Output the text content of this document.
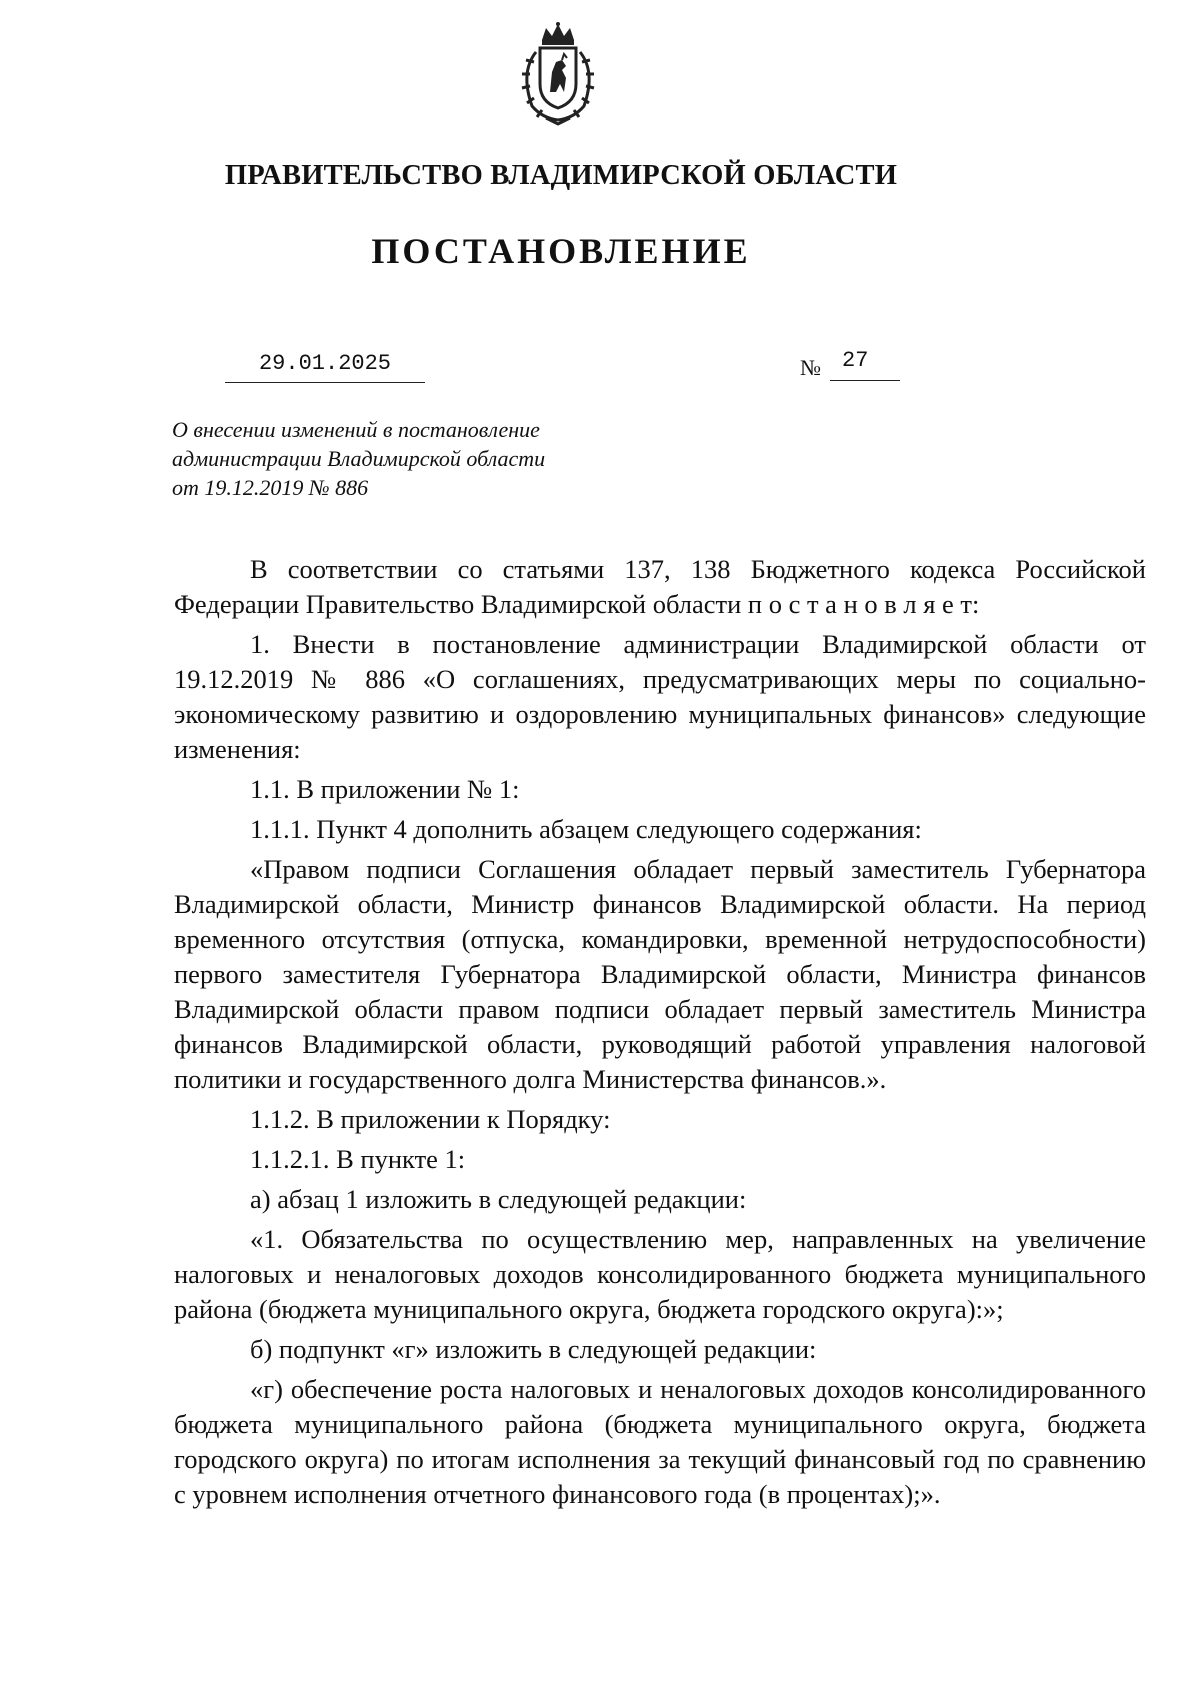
ПРАВИТЕЛЬСТВО ВЛАДИМИРСКОЙ ОБЛАСТИ
ПОСТАНОВЛЕНИЕ
29.01.2025	№ 27
О внесении изменений в постановление
администрации Владимирской области
от 19.12.2019 № 886

В соответствии со статьями 137, 138 Бюджетного кодекса Российской Федерации Правительство Владимирской области п о с т а н о в л я е т:

1. Внести в постановление администрации Владимирской области от 19.12.2019 № 886 «О соглашениях, предусматривающих меры по социально-экономическому развитию и оздоровлению муниципальных финансов» следующие изменения:

1.1. В приложении № 1:

1.1.1. Пункт 4 дополнить абзацем следующего содержания:

«Правом подписи Соглашения обладает первый заместитель Губернатора Владимирской области, Министр финансов Владимирской области. На период временного отсутствия (отпуска, командировки, временной нетрудоспособности) первого заместителя Губернатора Владимирской области, Министра финансов Владимирской области правом подписи обладает первый заместитель Министра финансов Владимирской области, руководящий работой управления налоговой политики и государственного долга Министерства финансов.».

1.1.2. В приложении к Порядку:

1.1.2.1. В пункте 1:

а) абзац 1 изложить в следующей редакции:

«1. Обязательства по осуществлению мер, направленных на увеличение налоговых и неналоговых доходов консолидированного бюджета муниципального района (бюджета муниципального округа, бюджета городского округа):»;

б) подпункт «г» изложить в следующей редакции:

«г) обеспечение роста налоговых и неналоговых доходов консолидированного бюджета муниципального района (бюджета муниципального округа, бюджета городского округа) по итогам исполнения за текущий финансовый год по сравнению с уровнем исполнения отчетного финансового года (в процентах);».
